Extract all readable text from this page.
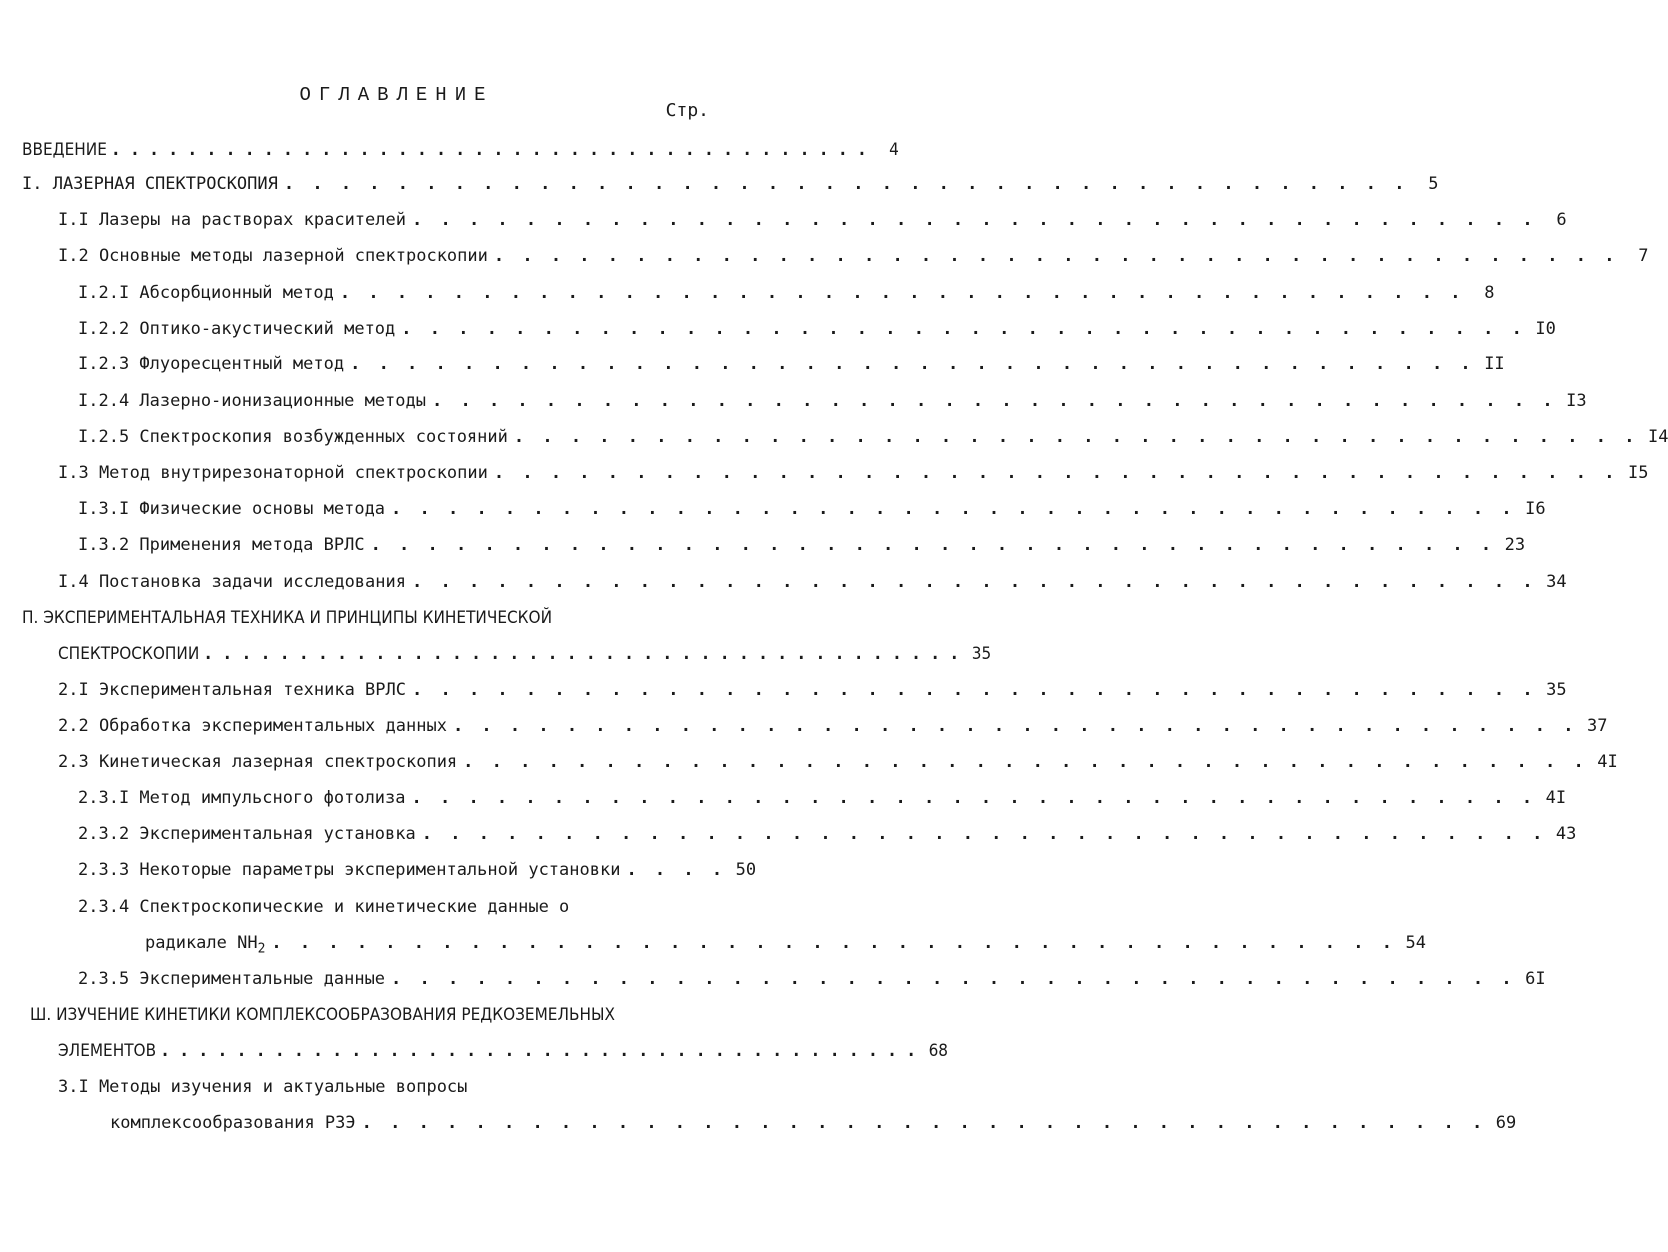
ОГЛАВЛЕНИЕ
Стр.
ВВЕДЕНИЕ . . . . . . . . . . . . . . . . . . . . . . . . . . . . . . . . . . . . . . . .	4
I. ЛАЗЕРНАЯ СПЕКТРОСКОПИЯ . . . . . . . . . . . . . . . . . . . . . . . . . . . . . . . . . . . . . . . .	5
I.I Лазеры на растворах красителей . . . . . . . . . . . . . . . . . . . . . . . . . . . . . . . . . . . . . . . .	6
I.2 Основные методы лазерной спектроскопии . . . . . . . . . . . . . . . . . . . . . . . . . . . . . . . . . . . . . . . .	7
I.2.I Абсорбционный метод . . . . . . . . . . . . . . . . . . . . . . . . . . . . . . . . . . . . . . . .	8
I.2.2 Оптико-акустический метод . . . . . . . . . . . . . . . . . . . . . . . . . . . . . . . . . . . . . . . . I0
I.2.3 Флуоресцентный метод . . . . . . . . . . . . . . . . . . . . . . . . . . . . . . . . . . . . . . . . II
I.2.4 Лазерно-ионизационные методы . . . . . . . . . . . . . . . . . . . . . . . . . . . . . . . . . . . . . . . . I3
I.2.5 Спектроскопия возбужденных состояний . . . . . . . . . . . . . . . . . . . . . . . . . . . . . . . . . . . . . . . . I4
I.3 Метод внутрирезонаторной спектроскопии . . . . . . . . . . . . . . . . . . . . . . . . . . . . . . . . . . . . . . . . I5
I.3.I Физические основы метода . . . . . . . . . . . . . . . . . . . . . . . . . . . . . . . . . . . . . . . . I6
I.3.2 Применения метода ВРЛС . . . . . . . . . . . . . . . . . . . . . . . . . . . . . . . . . . . . . . . . 23
I.4 Постановка задачи исследования . . . . . . . . . . . . . . . . . . . . . . . . . . . . . . . . . . . . . . . . 34
П. ЭКСПЕРИМЕНТАЛЬНАЯ ТЕХНИКА И ПРИНЦИПЫ КИНЕТИЧЕСКОЙ
СПЕКТРОСКОПИИ . . . . . . . . . . . . . . . . . . . . . . . . . . . . . . . . . . . . . . . . 35
2.I Экспериментальная техника ВРЛС . . . . . . . . . . . . . . . . . . . . . . . . . . . . . . . . . . . . . . . . 35
2.2 Обработка экспериментальных данных . . . . . . . . . . . . . . . . . . . . . . . . . . . . . . . . . . . . . . . . 37
2.3 Кинетическая лазерная спектроскопия . . . . . . . . . . . . . . . . . . . . . . . . . . . . . . . . . . . . . . . . 4I
2.3.I Метод импульсного фотолиза . . . . . . . . . . . . . . . . . . . . . . . . . . . . . . . . . . . . . . . . 4I
2.3.2 Экспериментальная установка . . . . . . . . . . . . . . . . . . . . . . . . . . . . . . . . . . . . . . . . 43
2.3.3 Некоторые параметры экспериментальной установки . . . . 50
2.3.4 Спектроскопические и кинетические данные о
радикале $NH_2$ . . . . . . . . . . . . . . . . . . . . . . . . . . . . . . . . . . . . . . . . 54
2.3.5 Экспериментальные данные . . . . . . . . . . . . . . . . . . . . . . . . . . . . . . . . . . . . . . . . 6I
Ш. ИЗУЧЕНИЕ КИНЕТИКИ КОМПЛЕКСООБРАЗОВАНИЯ РЕДКОЗЕМЕЛЬНЫХ
ЭЛЕМЕНТОВ . . . . . . . . . . . . . . . . . . . . . . . . . . . . . . . . . . . . . . . . 68
3.I Методы изучения и актуальные вопросы
комплексообразования РЗЭ . . . . . . . . . . . . . . . . . . . . . . . . . . . . . . . . . . . . . . . . 69
